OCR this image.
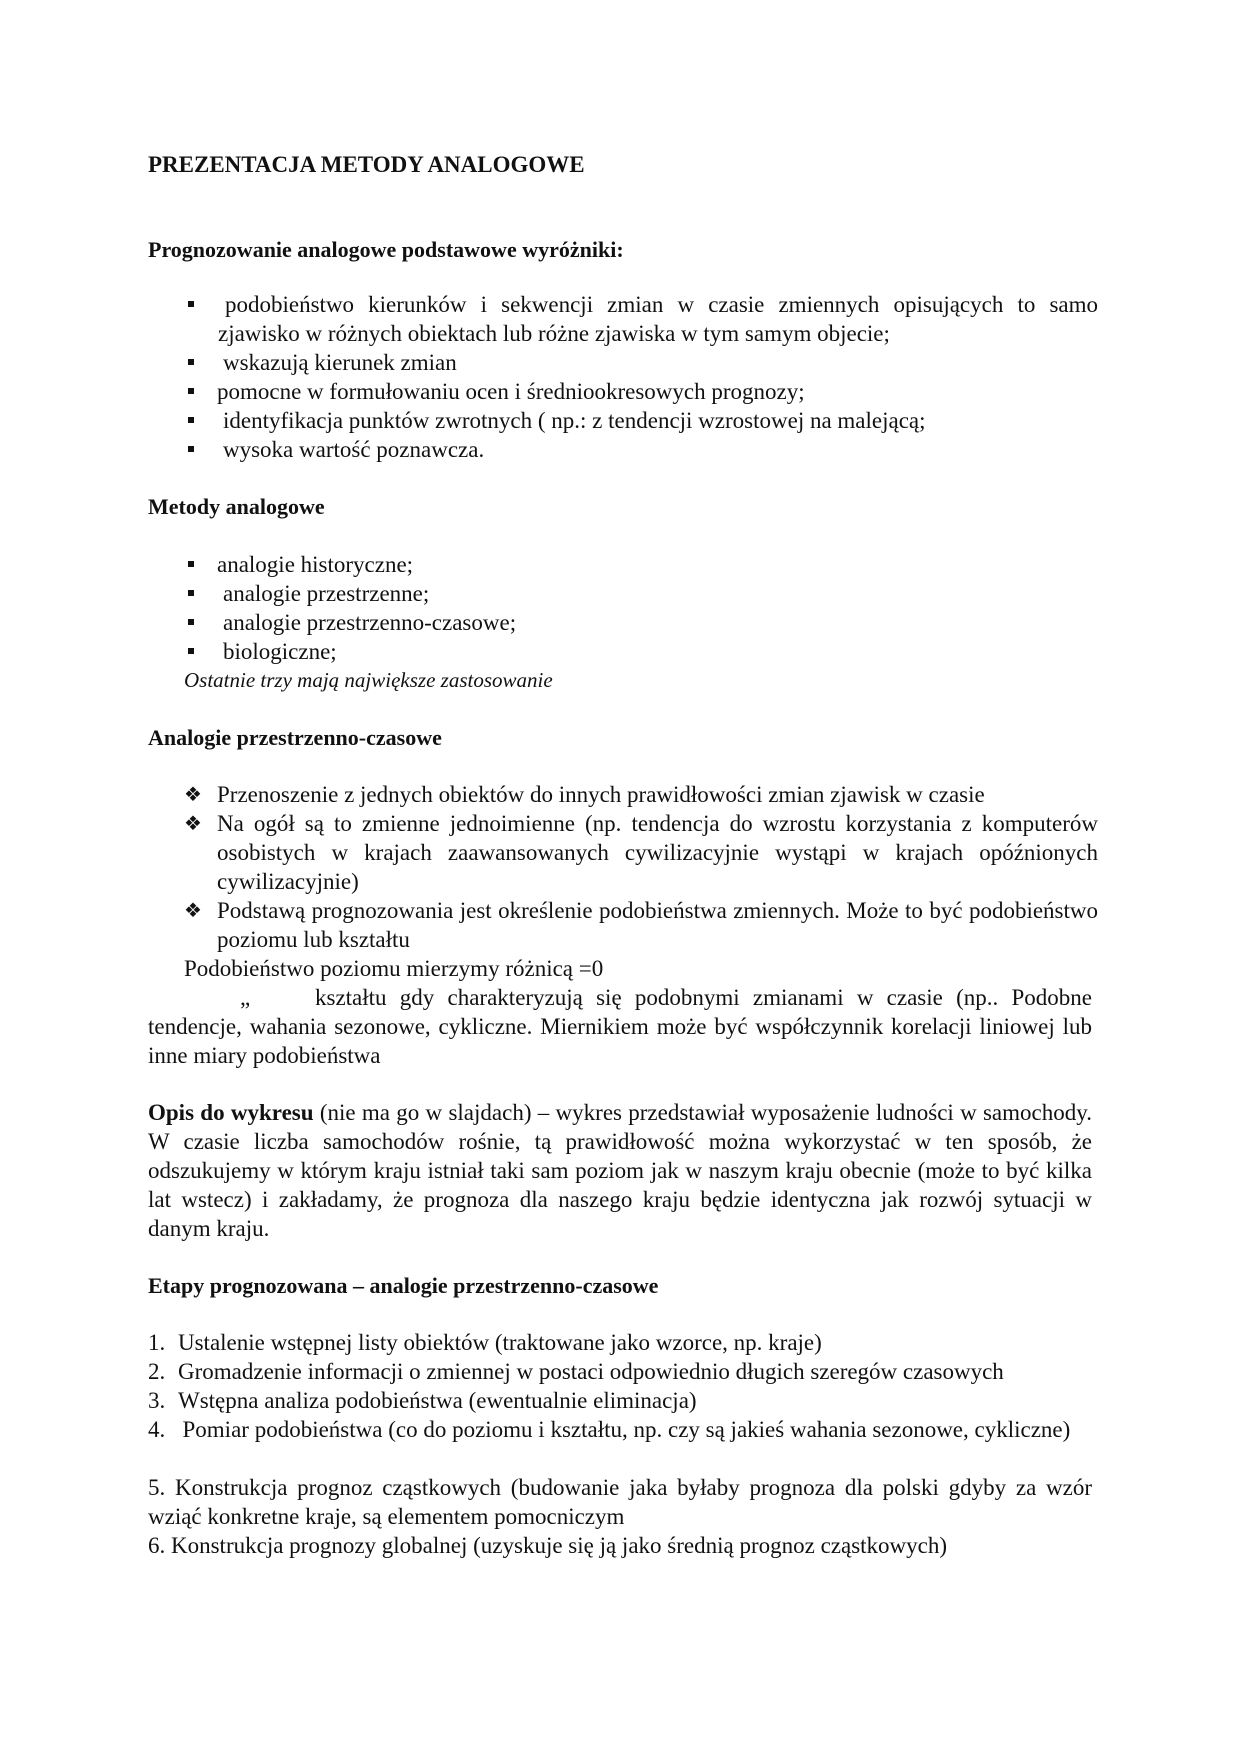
PREZENTACJA METODY ANALOGOWE
Prognozowanie analogowe podstawowe wyróżniki:
podobieństwo kierunków i sekwencji zmian w czasie zmiennych opisujących to samo zjawisko w różnych obiektach lub różne zjawiska w tym samym objecie;
wskazują kierunek zmian
pomocne w formułowaniu ocen i średniookresowych prognozy;
identyfikacja punktów zwrotnych ( np.: z tendencji wzrostowej na malejącą;
wysoka wartość poznawcza.
Metody analogowe
analogie historyczne;
analogie przestrzenne;
analogie przestrzenno-czasowe;
biologiczne;
Ostatnie trzy mają największe zastosowanie
Analogie przestrzenno-czasowe
❖ Przenoszenie z jednych obiektów do innych prawidłowości zmian zjawisk w czasie
❖ Na ogół są to zmienne jednoimienne (np. tendencja do wzrostu korzystania z komputerów osobistych w krajach zaawansowanych cywilizacyjnie wystąpi w krajach opóźnionych cywilizacyjnie)
❖ Podstawą prognozowania jest określenie podobieństwa zmiennych. Może to być podobieństwo poziomu lub kształtu
Podobieństwo poziomu mierzymy różnicą =0
„	kształtu gdy charakteryzują się podobnymi zmianami w czasie (np.. Podobne
tendencje, wahania sezonowe, cykliczne. Miernikiem może być współczynnik korelacji liniowej lub inne miary podobieństwa
Opis do wykresu (nie ma go w slajdach) – wykres przedstawiał wyposażenie ludności w samochody. W czasie liczba samochodów rośnie, tą prawidłowość można wykorzystać w ten sposób, że odszukujemy w którym kraju istniał taki sam poziom jak w naszym kraju obecnie (może to być kilka lat wstecz) i zakładamy, że prognoza dla naszego kraju będzie identyczna jak rozwój sytuacji w danym kraju.
Etapy prognozowana – analogie przestrzenno-czasowe
1. Ustalenie wstępnej listy obiektów (traktowane jako wzorce, np. kraje)
2. Gromadzenie informacji o zmiennej w postaci odpowiednio długich szeregów czasowych
3. Wstępna analiza podobieństwa (ewentualnie eliminacja)
4. Pomiar podobieństwa (co do poziomu i kształtu, np. czy są jakieś wahania sezonowe, cykliczne)
5. Konstrukcja prognoz cząstkowych (budowanie jaka byłaby prognoza dla polski gdyby za wzór wziąć konkretne kraje, są elementem pomocniczym
6. Konstrukcja prognozy globalnej (uzyskuje się ją jako średnią prognoz cząstkowych)
